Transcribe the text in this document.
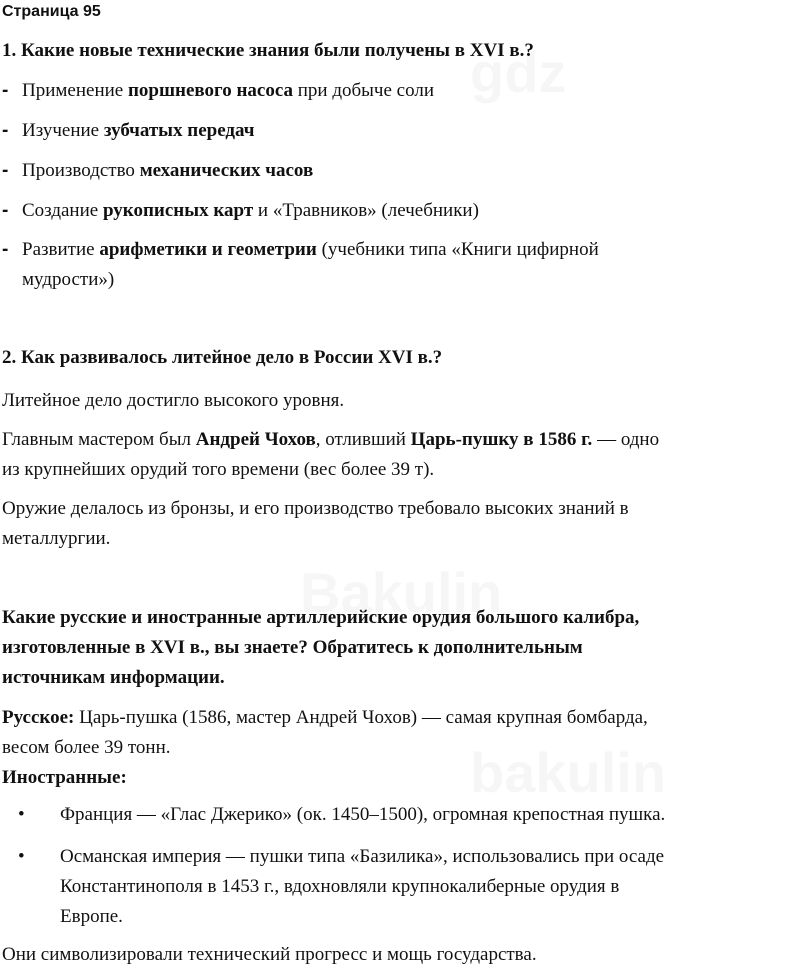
Страница 95
1. Какие новые технические знания были получены в XVI в.?
- Применение поршневого насоса при добыче соли
- Изучение зубчатых передач
- Производство механических часов
- Создание рукописных карт и «Травников» (лечебники)
- Развитие арифметики и геометрии (учебники типа «Книги цифирной
мудрости»)
2. Как развивалось литейное дело в России XVI в.?
Литейное дело достигло высокого уровня.
Главным мастером был Андрей Чохов, отливший Царь-пушку в 1586 г. — одно
из крупнейших орудий того времени (вес более 39 т).
Оружие делалось из бронзы, и его производство требовало высоких знаний в
металлургии.
Какие русские и иностранные артиллерийские орудия большого калибра,
изготовленные в XVI в., вы знаете? Обратитесь к дополнительным
источникам информации.
Русское: Царь-пушка (1586, мастер Андрей Чохов) — самая крупная бомбарда,
весом более 39 тонн.
Иностранные:
• Франция — «Глас Джерико» (ок. 1450–1500), огромная крепостная пушка.
• Османская империя — пушки типа «Базилика», использовались при осаде
Константинополя в 1453 г., вдохновляли крупнокалиберные орудия в
Европе.
Они символизировали технический прогресс и мощь государства.
